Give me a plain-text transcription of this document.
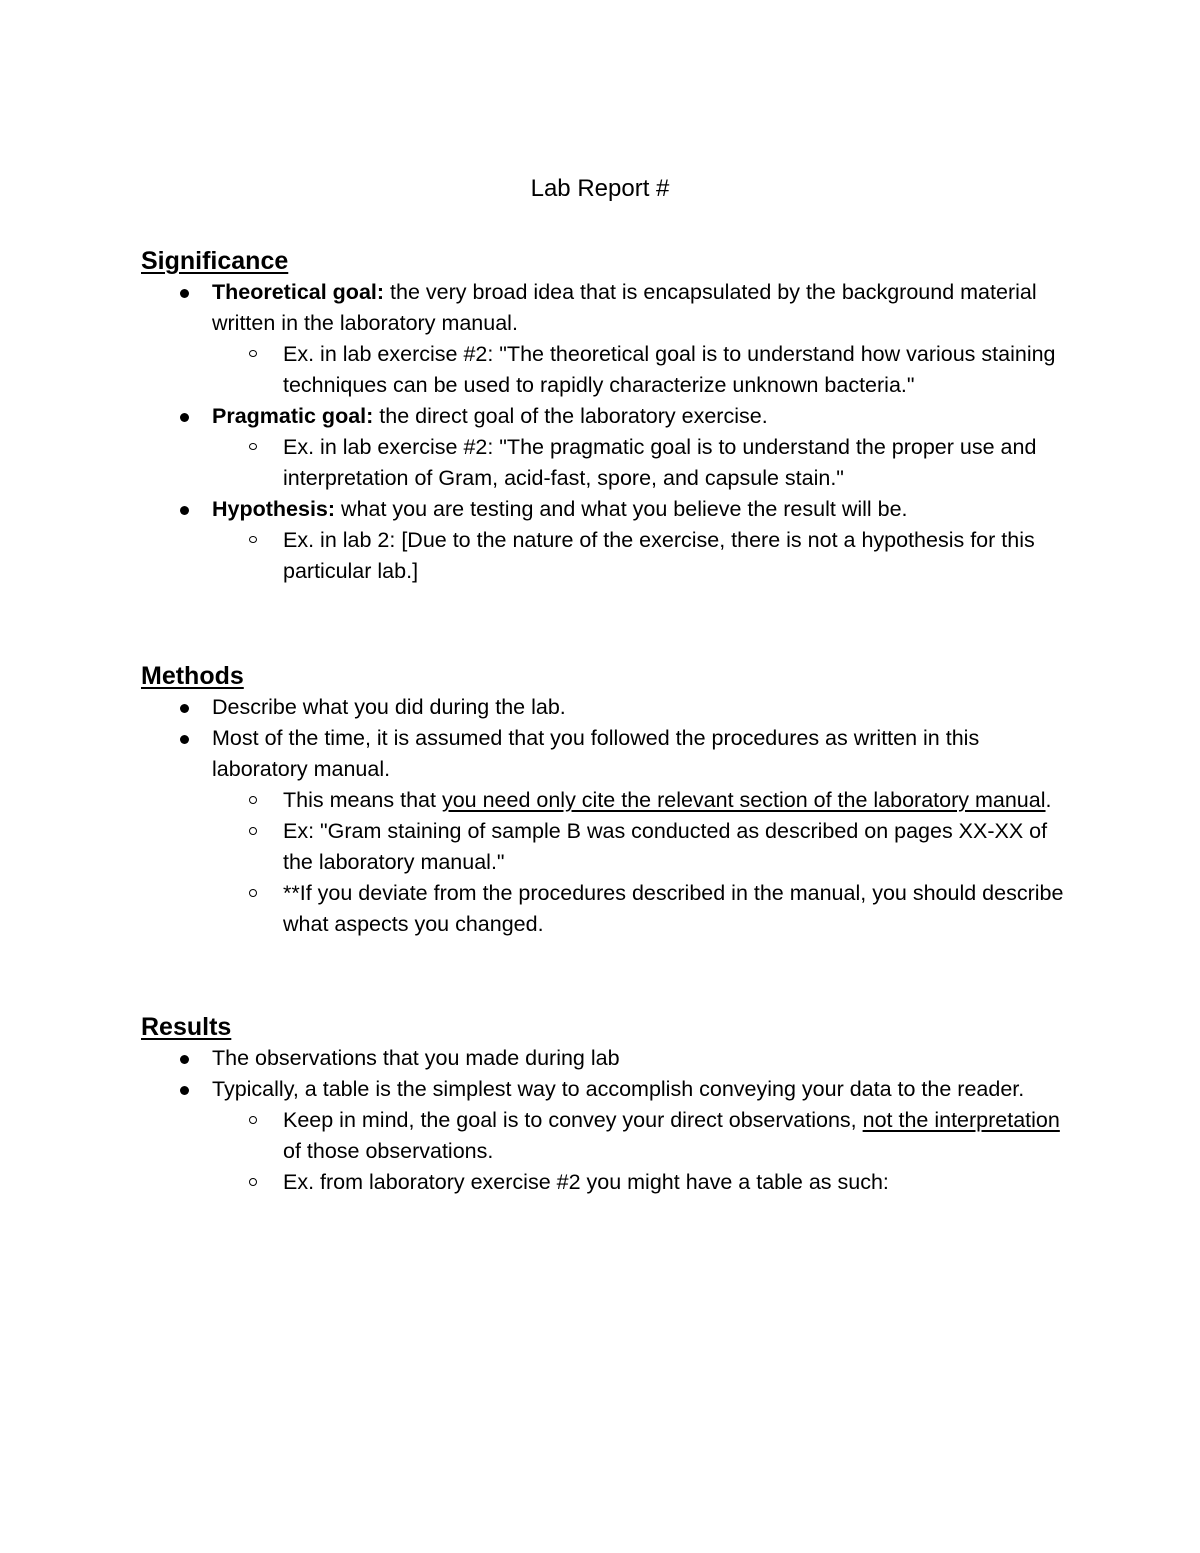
Lab Report #
Significance
Theoretical goal: the very broad idea that is encapsulated by the background material written in the laboratory manual.
Ex. in lab exercise #2: "The theoretical goal is to understand how various staining techniques can be used to rapidly characterize unknown bacteria."
Pragmatic goal: the direct goal of the laboratory exercise.
Ex. in lab exercise #2: "The pragmatic goal is to understand the proper use and interpretation of Gram, acid-fast, spore, and capsule stain."
Hypothesis: what you are testing and what you believe the result will be.
Ex. in lab 2: [Due to the nature of the exercise, there is not a hypothesis for this particular lab.]
Methods
Describe what you did during the lab.
Most of the time, it is assumed that you followed the procedures as written in this laboratory manual.
This means that you need only cite the relevant section of the laboratory manual.
Ex: "Gram staining of sample B was conducted as described on pages XX-XX of the laboratory manual."
**If you deviate from the procedures described in the manual, you should describe what aspects you changed.
Results
The observations that you made during lab
Typically, a table is the simplest way to accomplish conveying your data to the reader.
Keep in mind, the goal is to convey your direct observations, not the interpretation of those observations.
Ex. from laboratory exercise #2 you might have a table as such:
